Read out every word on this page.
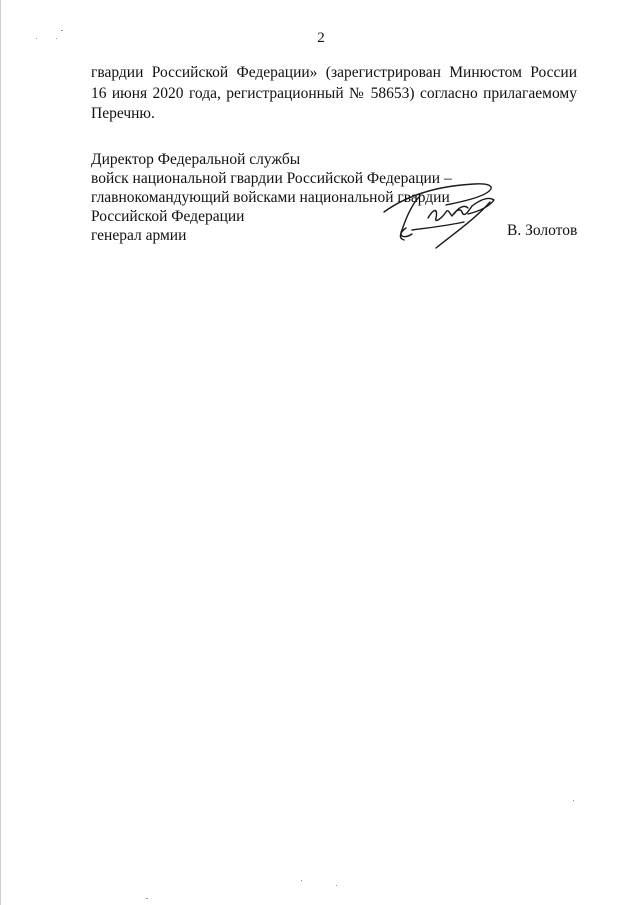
2
гвардии Российской Федерации» (зарегистрирован Минюстом России
16 июня 2020 года, регистрационный № 58653) согласно прилагаемому
Перечню.
Директор Федеральной службы
войск национальной гвардии Российской Федерации –
главнокомандующий войсками национальной гвардии
Российской Федерации
генерал армии	В. Золотов
